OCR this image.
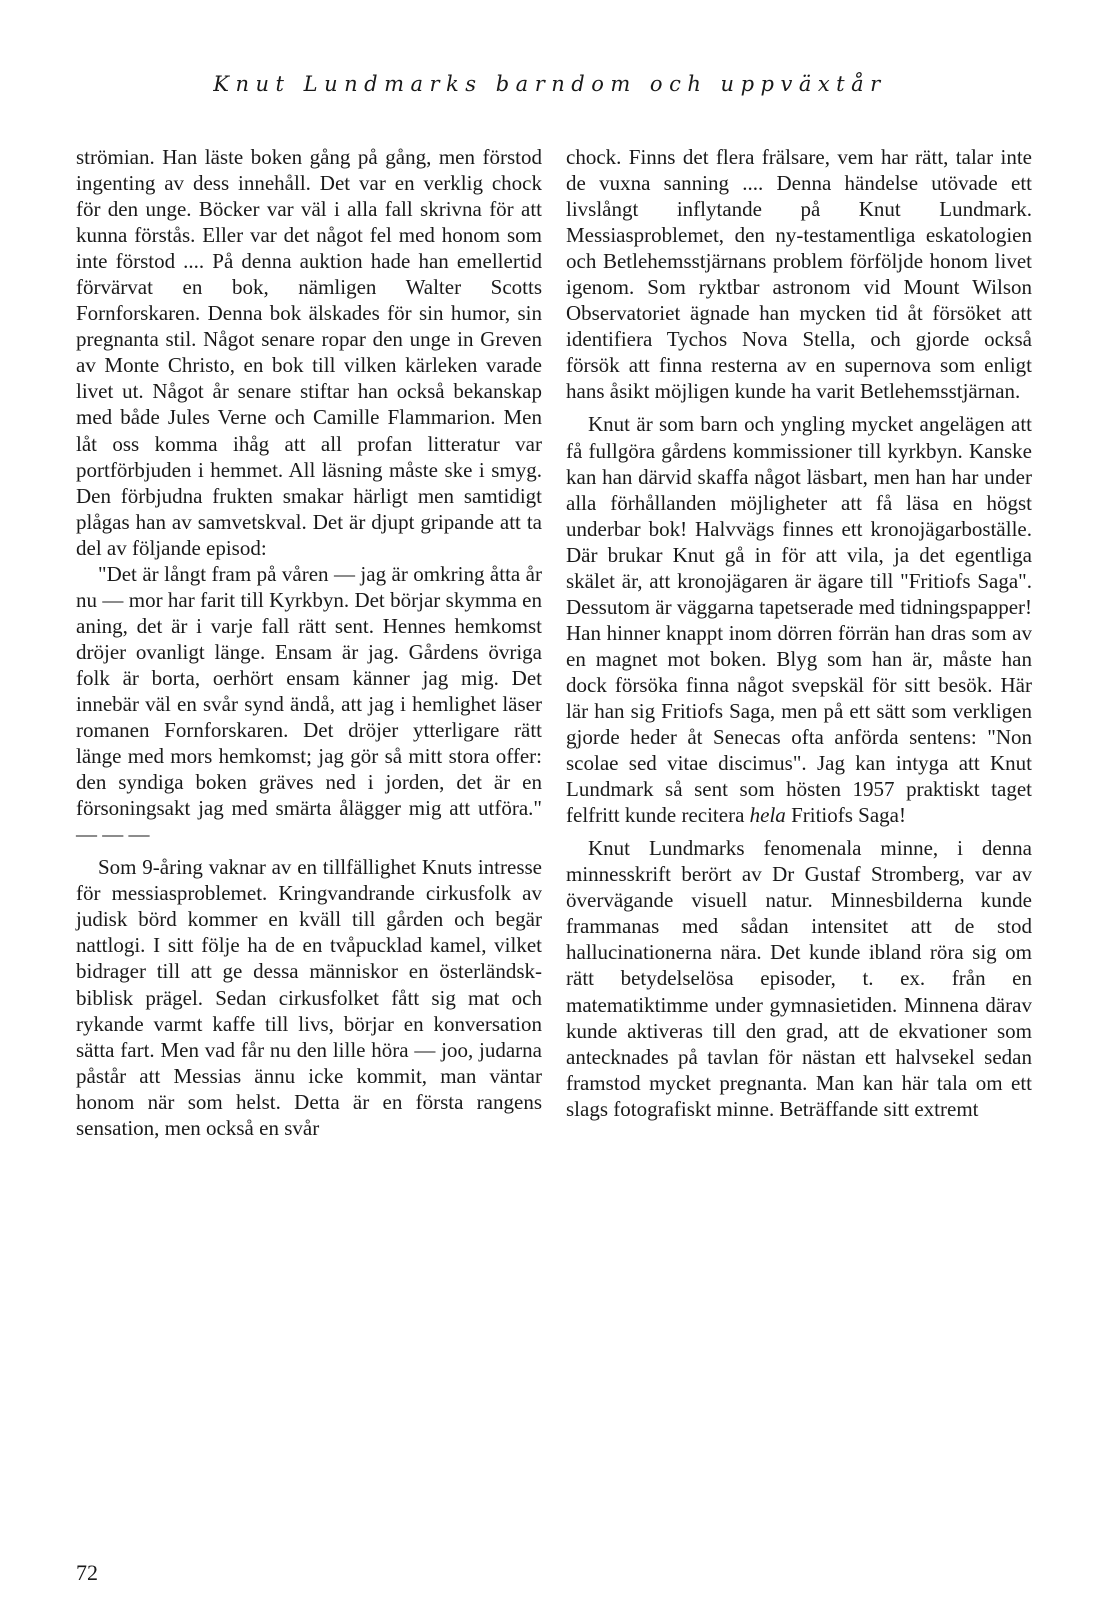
Knut Lundmarks barndom och uppväxtår

strömian. Han läste boken gång på gång, men förstod ingenting av dess innehåll. Det var en verklig chock för den unge. Böcker var väl i alla fall skrivna för att kunna förstås. Eller var det något fel med honom som inte förstod .... På denna auktion hade han emellertid förvärvat en bok, nämligen Walter Scotts Fornforskaren. Denna bok älskades för sin humor, sin pregnanta stil. Något senare ropar den unge in Greven av Monte Christo, en bok till vilken kärleken varade livet ut. Något år senare stiftar han också bekanskap med både Jules Verne och Camille Flammarion. Men låt oss komma ihåg att all profan litteratur var portförbjuden i hemmet. All läsning måste ske i smyg. Den förbjudna frukten smakar härligt men samtidigt plågas han av samvetskval. Det är djupt gripande att ta del av följande episod:

"Det är långt fram på våren — jag är omkring åtta år nu — mor har farit till Kyrkbyn. Det börjar skymma en aning, det är i varje fall rätt sent. Hennes hemkomst dröjer ovanligt länge. Ensam är jag. Gårdens övriga folk är borta, oerhört ensam känner jag mig. Det innebär väl en svår synd ändå, att jag i hemlighet läser romanen Fornforskaren. Det dröjer ytterligare rätt länge med mors hemkomst; jag gör så mitt stora offer: den syndiga boken gräves ned i jorden, det är en försoningsakt jag med smärta ålägger mig att utföra." — — —

Som 9-åring vaknar av en tillfällighet Knuts intresse för messiasproblemet. Kringvandrande cirkusfolk av judisk börd kommer en kväll till gården och begär nattlogi. I sitt följe ha de en tvåpucklad kamel, vilket bidrager till att ge dessa människor en österländsk-biblisk prägel. Sedan cirkusfolket fått sig mat och rykande varmt kaffe till livs, börjar en konversation sätta fart. Men vad får nu den lille höra — joo, judarna påstår att Messias ännu icke kommit, man väntar honom när som helst. Detta är en första rangens sensation, men också en svår

chock. Finns det flera frälsare, vem har rätt, talar inte de vuxna sanning .... Denna händelse utövade ett livslångt inflytande på Knut Lundmark. Messiasproblemet, den ny-testamentliga eskatologien och Betlehemsstjärnans problem förföljde honom livet igenom. Som ryktbar astronom vid Mount Wilson Observatoriet ägnade han mycken tid åt försöket att identifiera Tychos Nova Stella, och gjorde också försök att finna resterna av en supernova som enligt hans åsikt möjligen kunde ha varit Betlehemsstjärnan.

Knut är som barn och yngling mycket angelägen att få fullgöra gårdens kommissioner till kyrkbyn. Kanske kan han därvid skaffa något läsbart, men han har under alla förhållanden möjligheter att få läsa en högst underbar bok! Halvvägs finnes ett kronojägarboställe. Där brukar Knut gå in för att vila, ja det egentliga skälet är, att kronojägaren är ägare till "Fritiofs Saga". Dessutom är väggarna tapetserade med tidningspapper! Han hinner knappt inom dörren förrän han dras som av en magnet mot boken. Blyg som han är, måste han dock försöka finna något svepskäl för sitt besök. Här lär han sig Fritiofs Saga, men på ett sätt som verkligen gjorde heder åt Senecas ofta anförda sentens: "Non scolae sed vitae discimus". Jag kan intyga att Knut Lundmark så sent som hösten 1957 praktiskt taget felfritt kunde recitera hela Fritiofs Saga!

Knut Lundmarks fenomenala minne, i denna minnesskrift berört av Dr Gustaf Stromberg, var av övervägande visuell natur. Minnesbilderna kunde frammanas med sådan intensitet att de stod hallucinationerna nära. Det kunde ibland röra sig om rätt betydelselösa episoder, t. ex. från en matematiktimme under gymnasietiden. Minnena därav kunde aktiveras till den grad, att de ekvationer som antecknades på tavlan för nästan ett halvsekel sedan framstod mycket pregnanta. Man kan här tala om ett slags fotografiskt minne. Beträffande sitt extremt

72
